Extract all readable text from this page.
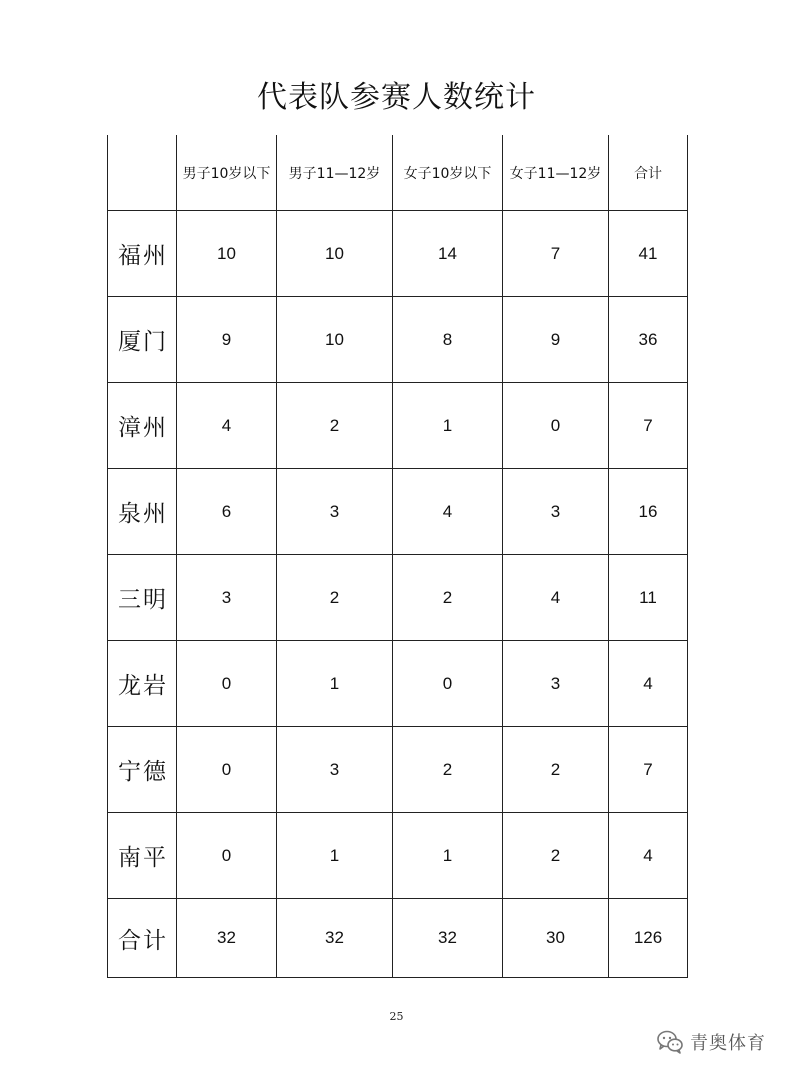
代表队参赛人数统计
	男子10岁以下	男子11—12岁	女子10岁以下	女子11—12岁	合计
福州	10	10	14	7	41
厦门	9	10	8	9	36
漳州	4	2	1	0	7
泉州	6	3	4	3	16
三明	3	2	2	4	11
龙岩	0	1	0	3	4
宁德	0	3	2	2	7
南平	0	1	1	2	4
合计	32	32	32	30	126
25
青奥体育
